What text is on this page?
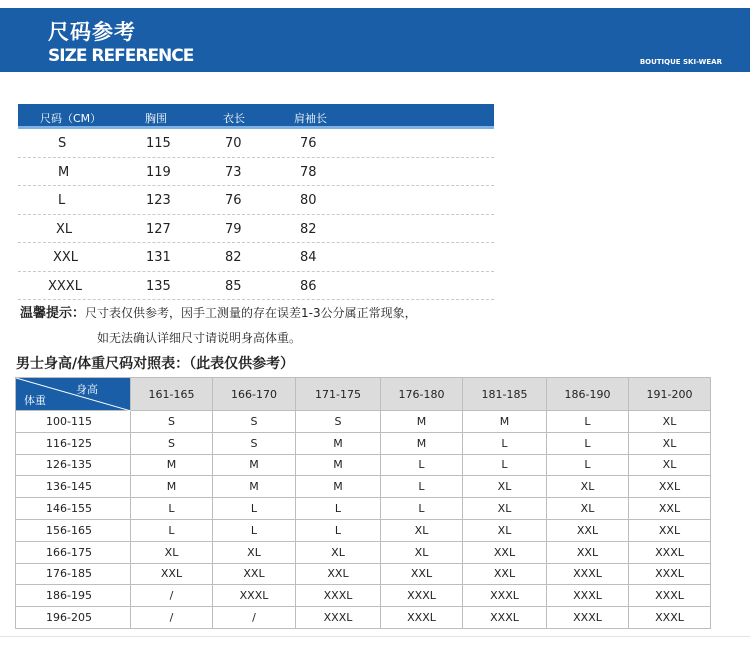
尺码参考
SIZE REFERENCE	BOUTIQUE SKI-WEAR
尺码（CM）	胸围	衣长	肩袖长
S	115	70	76
M	119	73	78
L	123	76	80
XL	127	79	82
XXL	131	82	84
XXXL	135	85	86
温馨提示：尺寸表仅供参考，因手工测量的存在误差1-3公分属正常现象，
如无法确认详细尺寸请说明身高体重。
男士身高/体重尺码对照表：（此表仅供参考）
身高
体重	161-165	166-170	171-175	176-180	181-185	186-190	191-200
100-115	S	S	S	M	M	L	XL
116-125	S	S	M	M	L	L	XL
126-135	M	M	M	L	L	L	XL
136-145	M	M	M	L	XL	XL	XXL
146-155	L	L	L	L	XL	XL	XXL
156-165	L	L	L	XL	XL	XXL	XXL
166-175	XL	XL	XL	XL	XXL	XXL	XXXL
176-185	XXL	XXL	XXL	XXL	XXL	XXXL	XXXL
186-195	/	XXXL	XXXL	XXXL	XXXL	XXXL	XXXL
196-205	/	/	XXXL	XXXL	XXXL	XXXL	XXXL
